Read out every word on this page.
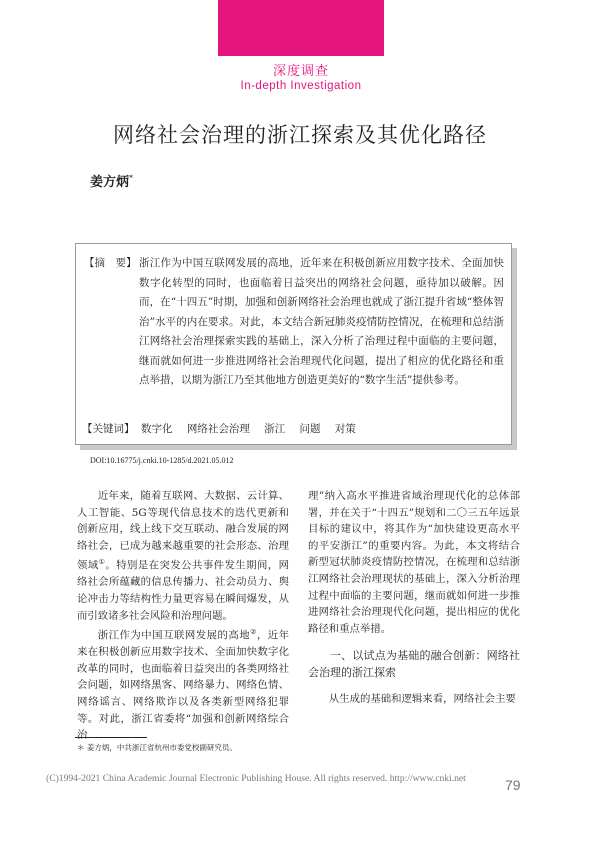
深度调查
In-depth Investigation
网络社会治理的浙江探索及其优化路径
姜方炳*
【摘　要】 浙江作为中国互联网发展的高地，近年来在积极创新应用数字技术、全面加快数字化转型的同时，也面临着日益突出的网络社会问题，亟待加以破解。因而，在“十四五”时期，加强和创新网络社会治理也就成了浙江提升省域“整体智治”水平的内在要求。对此，本文结合新冠肺炎疫情防控情况，在梳理和总结浙江网络社会治理探索实践的基础上，深入分析了治理过程中面临的主要问题，继而就如何进一步推进网络社会治理现代化问题，提出了相应的优化路径和重点举措，以期为浙江乃至其他地方创造更美好的“数字生活”提供参考。
【关键词】 数字化 网络社会治理 浙江 问题 对策
DOI:10.16775/j.cnki.10-1285/d.2021.05.012

近年来，随着互联网、大数据、云计算、人工智能、5G等现代信息技术的迭代更新和创新应用，线上线下交互联动、融合发展的网络社会，已成为越来越重要的社会形态、治理领域①。特别是在突发公共事件发生期间，网络社会所蕴藏的信息传播力、社会动员力、舆论冲击力等结构性力量更容易在瞬间爆发，从而引致诸多社会风险和治理问题。

浙江作为中国互联网发展的高地②，近年来在积极创新应用数字技术、全面加快数字化改革的同时，也面临着日益突出的各类网络社会问题，如网络黑客、网络暴力、网络色情、网络谣言、网络欺诈以及各类新型网络犯罪等。对此，浙江省委将“加强和创新网络综合治

理”纳入高水平推进省域治理现代化的总体部署，并在关于“十四五”规划和二〇三五年远景目标的建议中，将其作为“加快建设更高水平的平安浙江”的重要内容。为此，本文将结合新型冠状肺炎疫情防控情况，在梳理和总结浙江网络社会治理现状的基础上，深入分析治理过程中面临的主要问题，继而就如何进一步推进网络社会治理现代化问题，提出相应的优化路径和重点举措。

一、以试点为基础的融合创新：网络社会治理的浙江探索

从生成的基础和逻辑来看，网络社会主要

＊ 姜方炳，中共浙江省杭州市委党校副研究员。
(C)1994-2021 China Academic Journal Electronic Publishing House. All rights reserved. http://www.cnki.net	79
